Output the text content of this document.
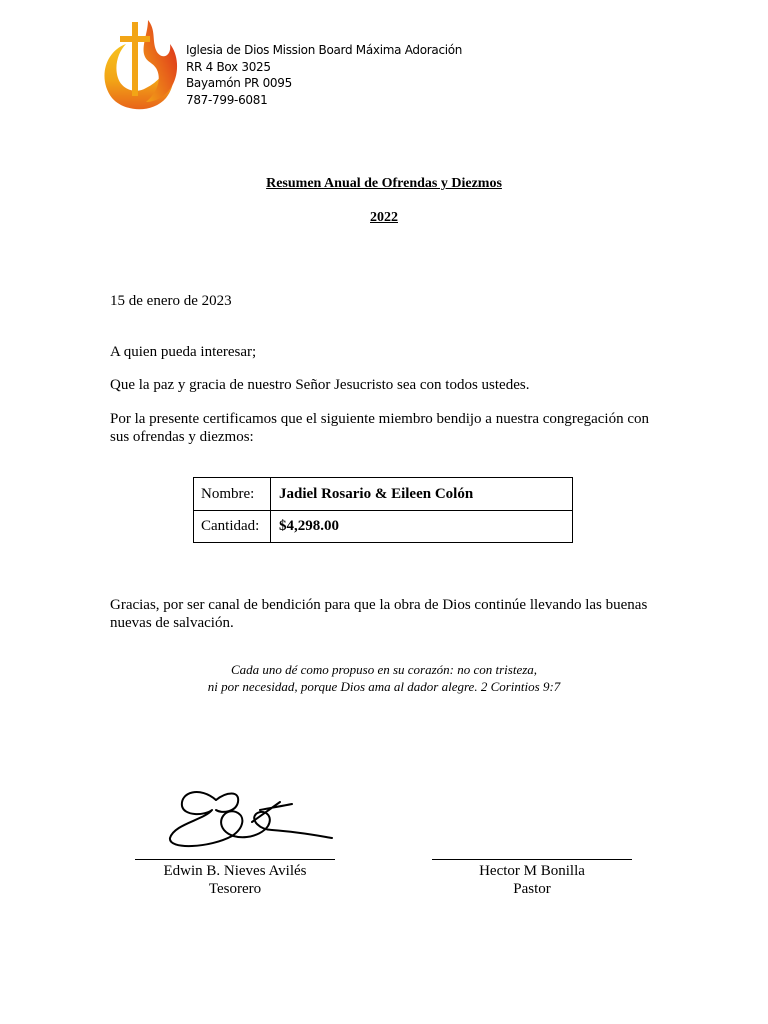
Iglesia de Dios Mission Board Máxima Adoración
RR 4 Box 3025
Bayamón PR 0095
787-799-6081
Resumen Anual de Ofrendas y Diezmos
2022
15 de enero de 2023
A quien pueda interesar;
Que la paz y gracia de nuestro Señor Jesucristo sea con todos ustedes.
Por la presente certificamos que el siguiente miembro bendijo a nuestra congregación con sus ofrendas y diezmos:
Nombre:	Jadiel Rosario & Eileen Colón
Cantidad:	$4,298.00
Gracias, por ser canal de bendición para que la obra de Dios continúe llevando las buenas nuevas de salvación.
Cada uno dé como propuso en su corazón: no con tristeza,
ni por necesidad, porque Dios ama al dador alegre. 2 Corintios 9:7
Edwin B. Nieves Avilés
Tesorero
Hector M Bonilla
Pastor
